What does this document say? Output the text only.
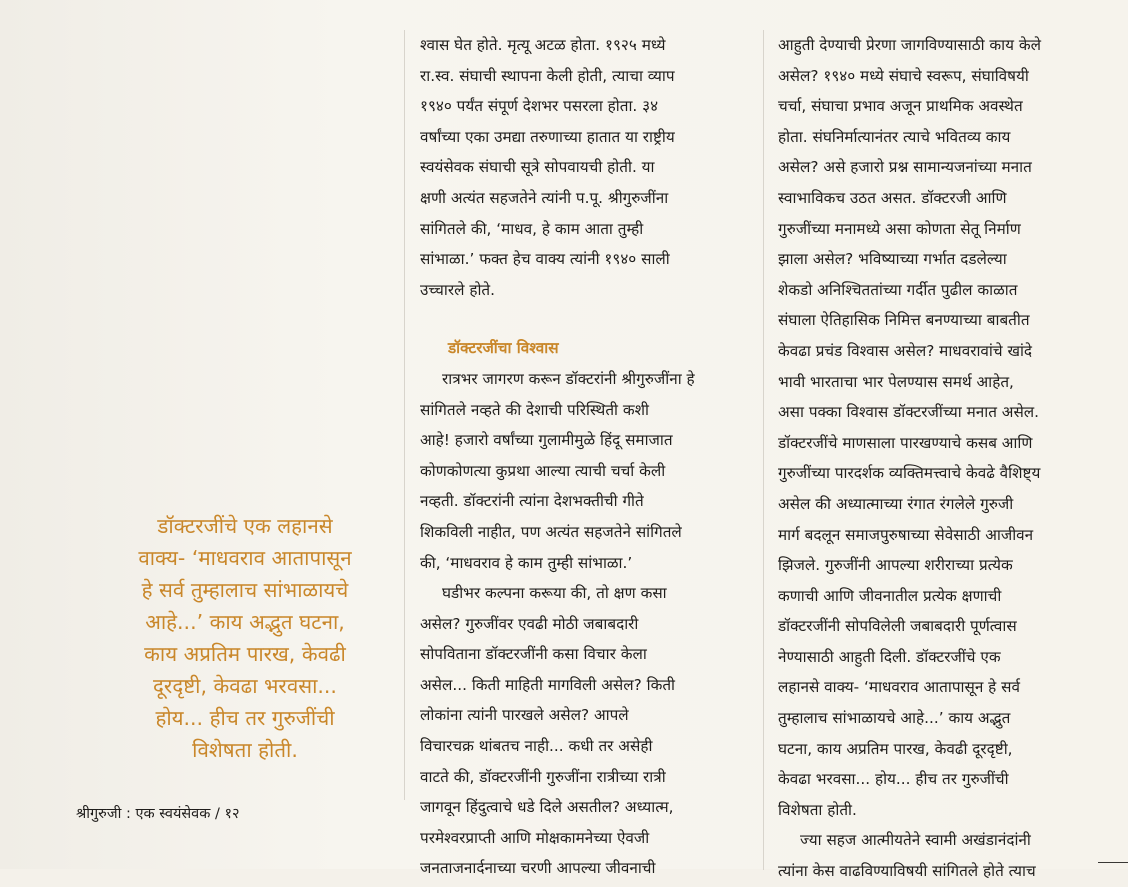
डॉक्टरजींचे एक लहानसे
वाक्य- ‘माधवराव आतापासून
हे सर्व तुम्हालाच सांभाळायचे
आहे...’ काय अद्भुत घटना,
काय अप्रतिम पारख, केवढी
दूरदृष्टी, केवढा भरवसा...
होय... हीच तर गुरुजींची
विशेषता होती.
श्रीगुरुजी : एक स्वयंसेवक / १२
श्वास घेत होते. मृत्यू अटळ होता. १९२५ मध्ये
रा.स्व. संघाची स्थापना केली होती, त्याचा व्याप
१९४० पर्यंत संपूर्ण देशभर पसरला होता. ३४
वर्षांच्या एका उमद्या तरुणाच्या हातात या राष्ट्रीय
स्वयंसेवक संघाची सूत्रे सोपवायची होती. या
क्षणी अत्यंत सहजतेने त्यांनी प.पू. श्रीगुरुजींना
सांगितले की, ‘माधव, हे काम आता तुम्ही
सांभाळा.’ फक्त हेच वाक्य त्यांनी १९४० साली
उच्चारले होते.
डॉक्टरजींचा विश्वास
रात्रभर जागरण करून डॉक्टरांनी श्रीगुरुजींना हे
सांगितले नव्हते की देशाची परिस्थिती कशी
आहे! हजारो वर्षांच्या गुलामीमुळे हिंदू समाजात
कोणकोणत्या कुप्रथा आल्या त्याची चर्चा केली
नव्हती. डॉक्टरांनी त्यांना देशभक्तीची गीते
शिकविली नाहीत, पण अत्यंत सहजतेने सांगितले
की, ‘माधवराव हे काम तुम्ही सांभाळा.’
घडीभर कल्पना करूया की, तो क्षण कसा
असेल? गुरुजींवर एवढी मोठी जबाबदारी
सोपविताना डॉक्टरजींनी कसा विचार केला
असेल... किती माहिती मागविली असेल? किती
लोकांना त्यांनी पारखले असेल? आपले
विचारचक्र थांबतच नाही... कधी तर असेही
वाटते की, डॉक्टरजींनी गुरुजींना रात्रीच्या रात्री
जागवून हिंदुत्वाचे धडे दिले असतील? अध्यात्म,
परमेश्वरप्राप्ती आणि मोक्षकामनेच्या ऐवजी
जनताजनार्दनाच्या चरणी आपल्या जीवनाची
आहुती देण्याची प्रेरणा जागविण्यासाठी काय केले
असेल? १९४० मध्ये संघाचे स्वरूप, संघाविषयी
चर्चा, संघाचा प्रभाव अजून प्राथमिक अवस्थेत
होता. संघनिर्मात्यानंतर त्याचे भवितव्य काय
असेल? असे हजारो प्रश्न सामान्यजनांच्या मनात
स्वाभाविकच उठत असत. डॉक्टरजी आणि
गुरुजींच्या मनामध्ये असा कोणता सेतू निर्माण
झाला असेल? भविष्याच्या गर्भात दडलेल्या
शेकडो अनिश्चिततांच्या गर्दीत पुढील काळात
संघाला ऐतिहासिक निमित्त बनण्याच्या बाबतीत
केवढा प्रचंड विश्वास असेल? माधवरावांचे खांदे
भावी भारताचा भार पेलण्यास समर्थ आहेत,
असा पक्का विश्वास डॉक्टरजींच्या मनात असेल.
डॉक्टरजींचे माणसाला पारखण्याचे कसब आणि
गुरुजींच्या पारदर्शक व्यक्तिमत्त्वाचे केवढे वैशिष्ट्य
असेल की अध्यात्माच्या रंगात रंगलेले गुरुजी
मार्ग बदलून समाजपुरुषाच्या सेवेसाठी आजीवन
झिजले. गुरुजींनी आपल्या शरीराच्या प्रत्येक
कणाची आणि जीवनातील प्रत्येक क्षणाची
डॉक्टरजींनी सोपविलेली जबाबदारी पूर्णत्वास
नेण्यासाठी आहुती दिली. डॉक्टरजींचे एक
लहानसे वाक्य- ‘माधवराव आतापासून हे सर्व
तुम्हालाच सांभाळायचे आहे...’ काय अद्भुत
घटना, काय अप्रतिम पारख, केवढी दूरदृष्टी,
केवढा भरवसा... होय... हीच तर गुरुजींची
विशेषता होती.
ज्या सहज आत्मीयतेने स्वामी अखंडानंदांनी
त्यांना केस वाढविण्याविषयी सांगितले होते त्याच
